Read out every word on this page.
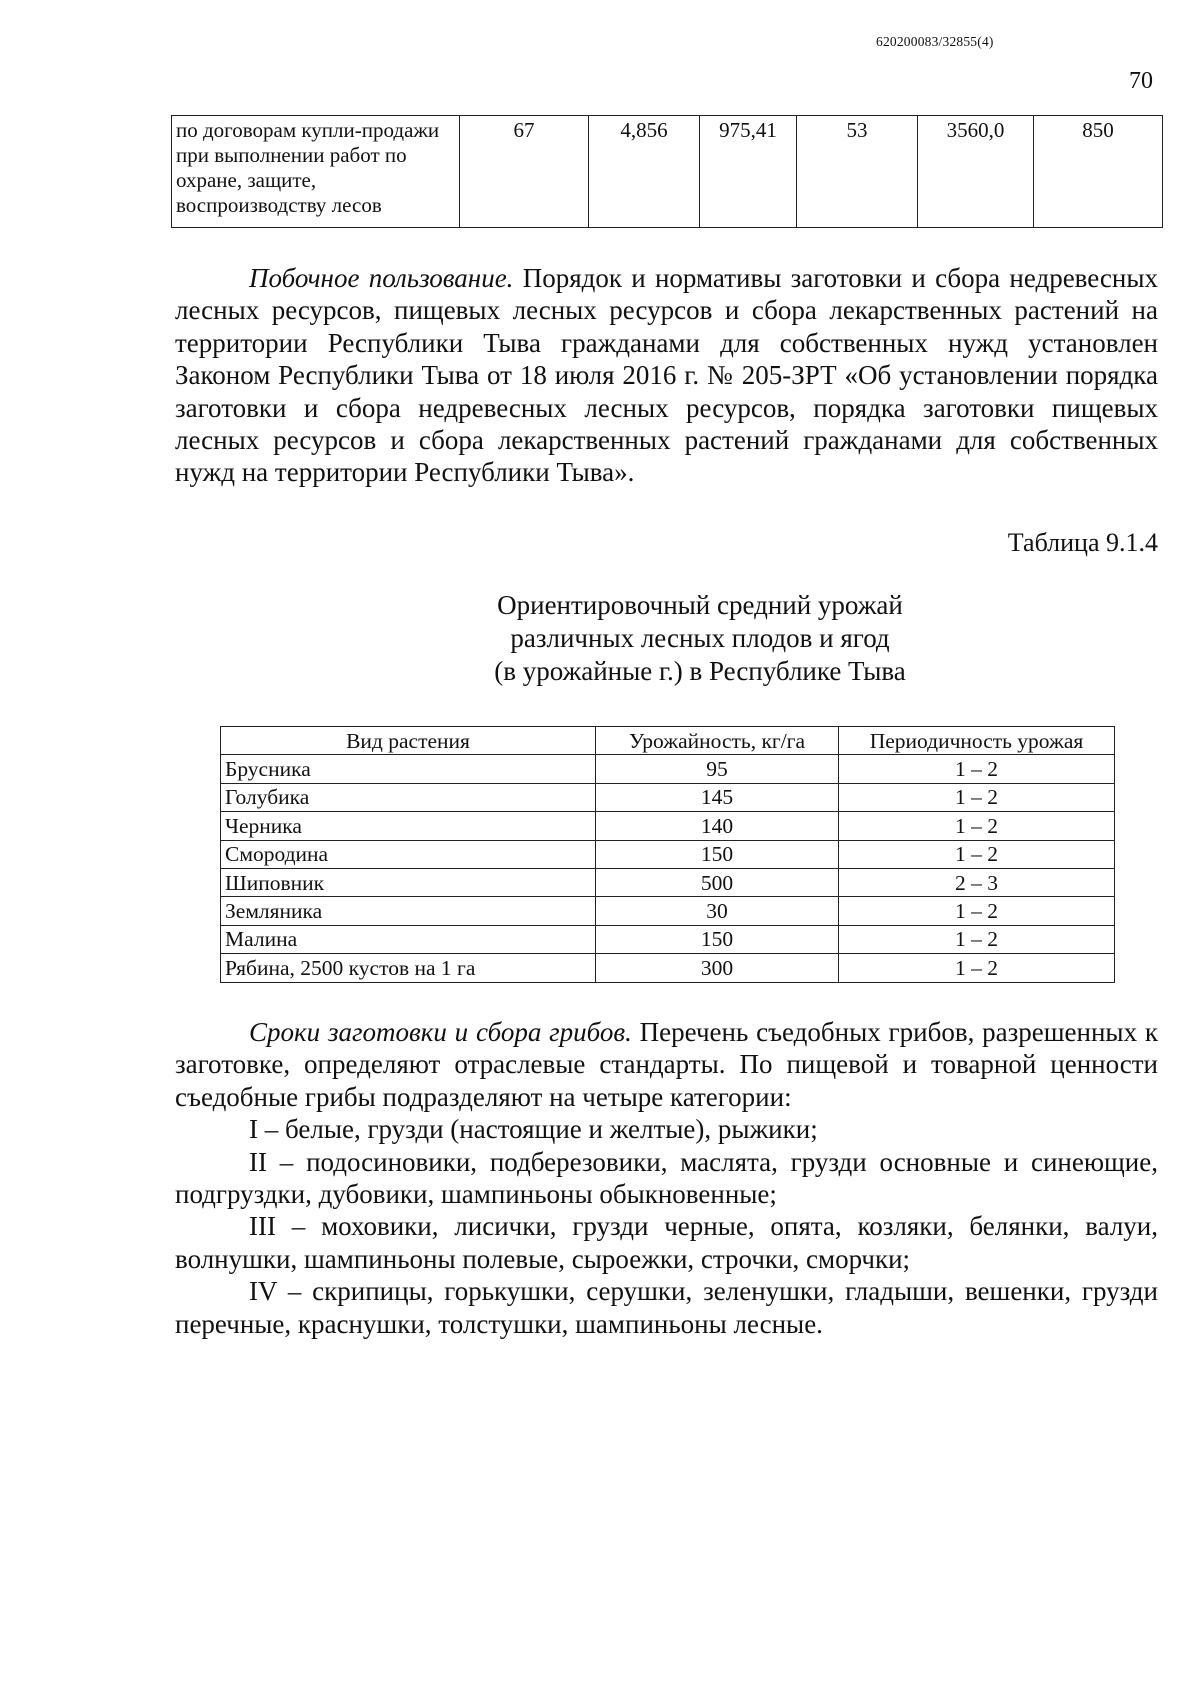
620200083/32855(4)
70
по договорам купли-продажи при выполнении работ по охране, защите, воспроизводству лесов	67	4,856	975,41	53	3560,0	850

Побочное пользование. Порядок и нормативы заготовки и сбора недревесных лесных ресурсов, пищевых лесных ресурсов и сбора лекарственных растений на территории Республики Тыва гражданами для собственных нужд установлен Законом Республики Тыва от 18 июля 2016 г. № 205-ЗРТ «Об установлении порядка заготовки и сбора недревесных лесных ресурсов, порядка заготовки пищевых лесных ресурсов и сбора лекарственных растений гражданами для собственных нужд на территории Республики Тыва».

Таблица 9.1.4
Ориентировочный средний урожай
различных лесных плодов и ягод
(в урожайные г.) в Республике Тыва
Вид растения	Урожайность, кг/га	Периодичность урожая
Брусника	95	1 – 2
Голубика	145	1 – 2
Черника	140	1 – 2
Смородина	150	1 – 2
Шиповник	500	2 – 3
Земляника	30	1 – 2
Малина	150	1 – 2
Рябина, 2500 кустов на 1 га	300	1 – 2

Сроки заготовки и сбора грибов. Перечень съедобных грибов, разрешенных к заготовке, определяют отраслевые стандарты. По пищевой и товарной ценности съедобные грибы подразделяют на четыре категории:

I – белые, грузди (настоящие и желтые), рыжики;

II – подосиновики, подберезовики, маслята, грузди основные и синеющие, подгруздки, дубовики, шампиньоны обыкновенные;

III – моховики, лисички, грузди черные, опята, козляки, белянки, валуи, волнушки, шампиньоны полевые, сыроежки, строчки, сморчки;

IV – скрипицы, горькушки, серушки, зеленушки, гладыши, вешенки, грузди перечные, краснушки, толстушки, шампиньоны лесные.
